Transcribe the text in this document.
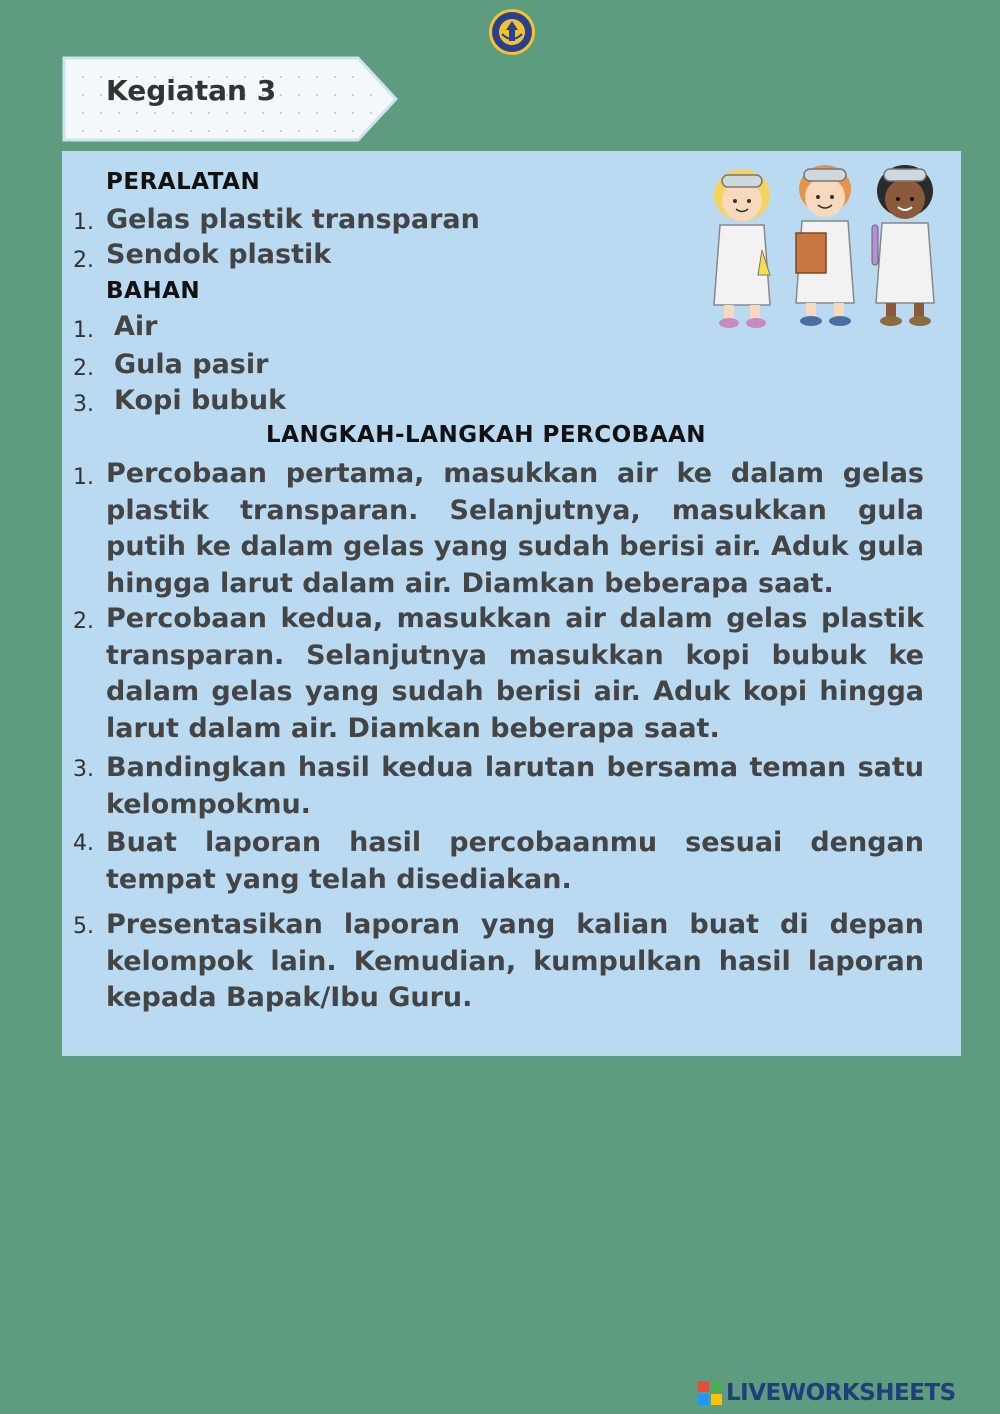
Kegiatan 3
PERALATAN
1. Gelas plastik transparan
2. Sendok plastik
BAHAN
1. Air
2. Gula pasir
3. Kopi bubuk
LANGKAH-LANGKAH PERCOBAAN
1. Percobaan pertama, masukkan air ke dalam gelas plastik transparan. Selanjutnya, masukkan gula putih ke dalam gelas yang sudah berisi air. Aduk gula hingga larut dalam air. Diamkan beberapa saat.
2. Percobaan kedua, masukkan air dalam gelas plastik transparan. Selanjutnya masukkan kopi bubuk ke dalam gelas yang sudah berisi air. Aduk kopi hingga larut dalam air. Diamkan beberapa saat.
3. Bandingkan hasil kedua larutan bersama teman satu kelompokmu.
4. Buat laporan hasil percobaanmu sesuai dengan tempat yang telah disediakan.
5. Presentasikan laporan yang kalian buat di depan kelompok lain. Kemudian, kumpulkan hasil laporan kepada Bapak/Ibu Guru.
LIVEWORKSHEETS
